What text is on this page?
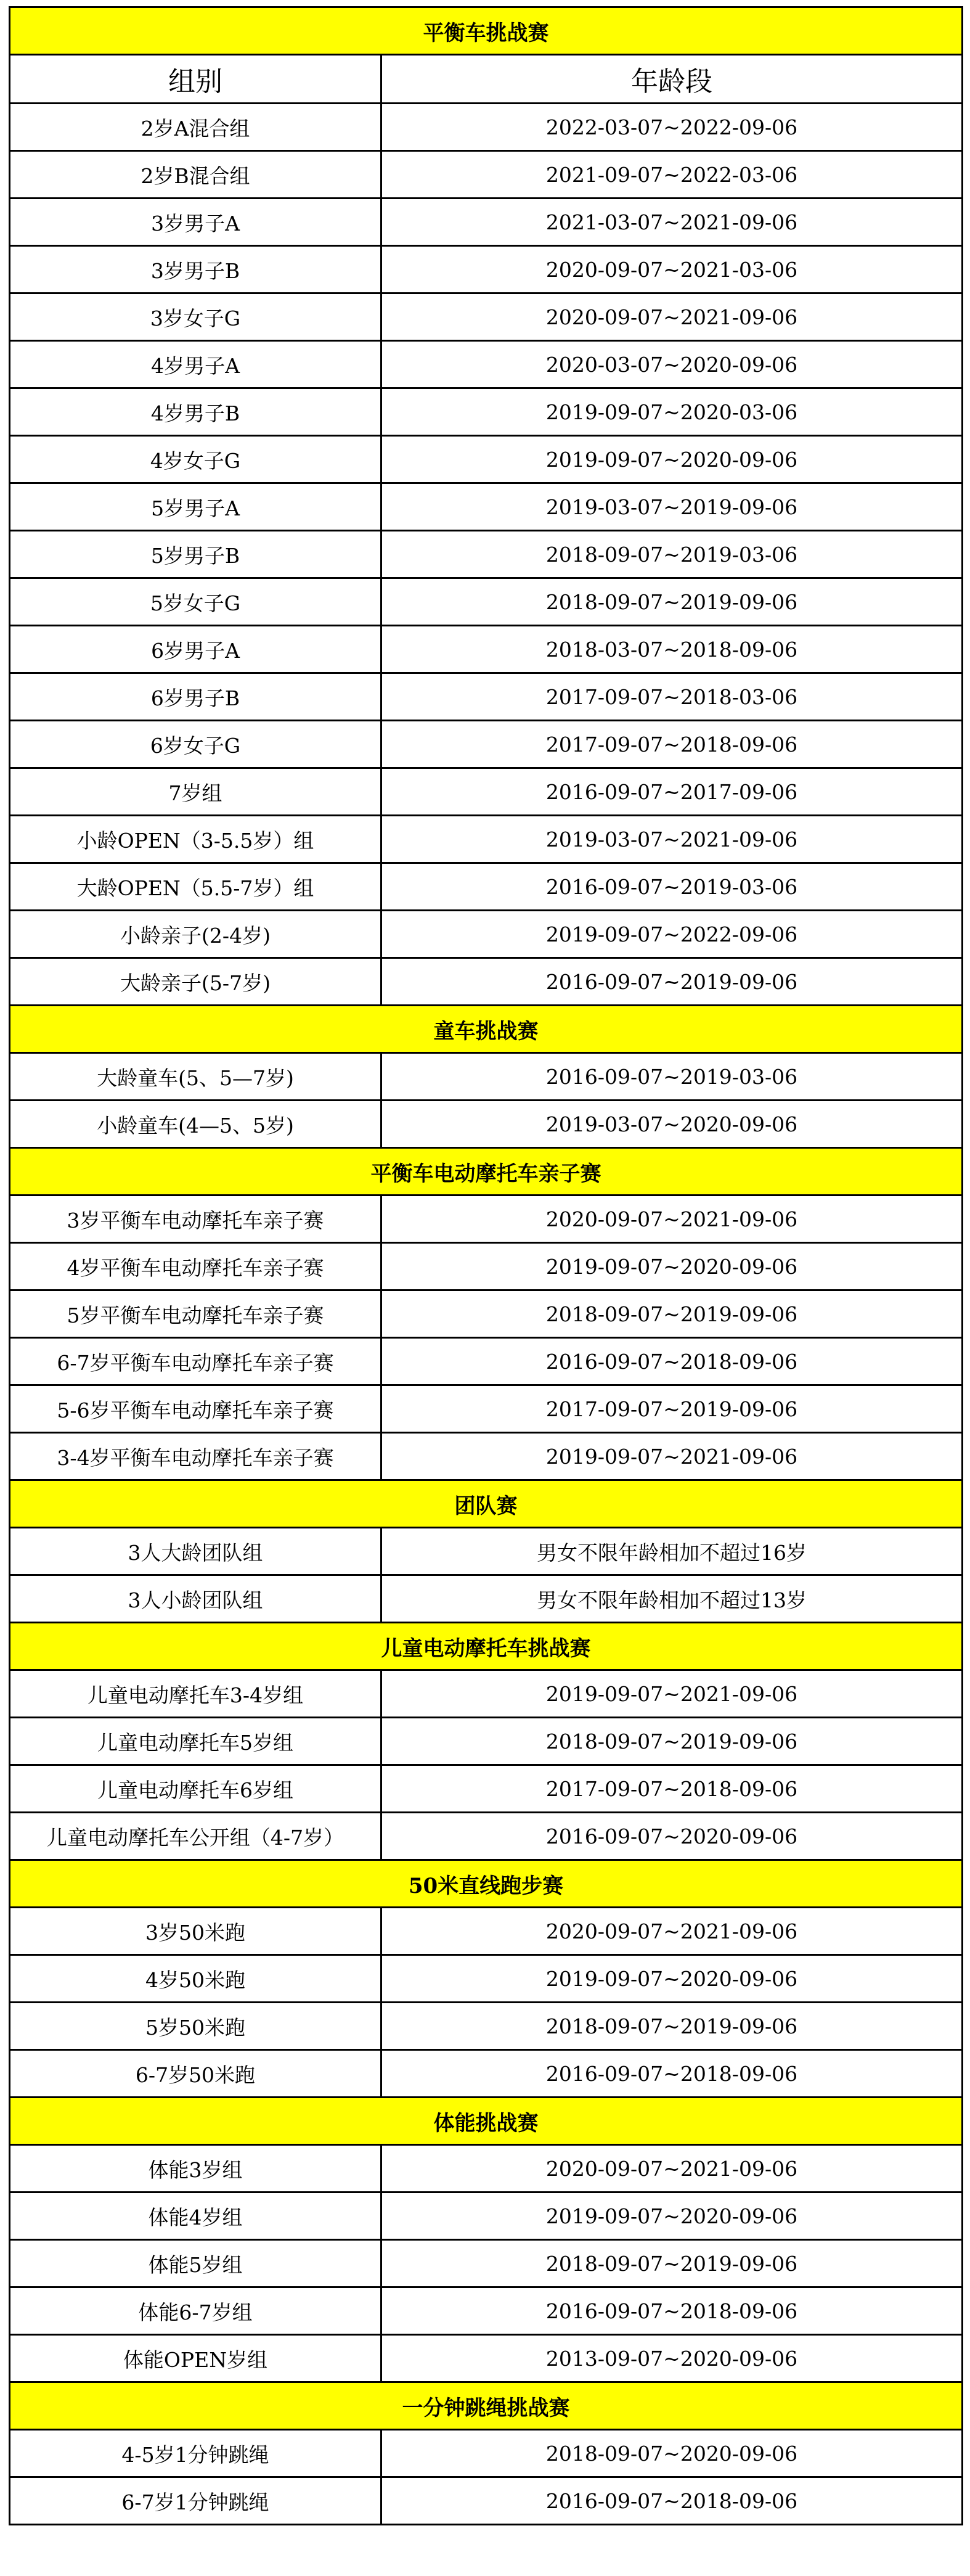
平衡车挑战赛	
组别	年龄段
2岁A混合组	2022-03-07~2022-09-06
2岁B混合组	2021-09-07~2022-03-06
3岁男子A	2021-03-07~2021-09-06
3岁男子B	2020-09-07~2021-03-06
3岁女子G	2020-09-07~2021-09-06
4岁男子A	2020-03-07~2020-09-06
4岁男子B	2019-09-07~2020-03-06
4岁女子G	2019-09-07~2020-09-06
5岁男子A	2019-03-07~2019-09-06
5岁男子B	2018-09-07~2019-03-06
5岁女子G	2018-09-07~2019-09-06
6岁男子A	2018-03-07~2018-09-06
6岁男子B	2017-09-07~2018-03-06
6岁女子G	2017-09-07~2018-09-06
7岁组	2016-09-07~2017-09-06
小龄OPEN（3-5.5岁）组	2019-03-07~2021-09-06
大龄OPEN（5.5-7岁）组	2016-09-07~2019-03-06
小龄亲子(2-4岁)	2019-09-07~2022-09-06
大龄亲子(5-7岁)	2016-09-07~2019-09-06
童车挑战赛	
大龄童车(5、5—7岁)	2016-09-07~2019-03-06
小龄童车(4—5、5岁)	2019-03-07~2020-09-06
平衡车电动摩托车亲子赛	
3岁平衡车电动摩托车亲子赛	2020-09-07~2021-09-06
4岁平衡车电动摩托车亲子赛	2019-09-07~2020-09-06
5岁平衡车电动摩托车亲子赛	2018-09-07~2019-09-06
6-7岁平衡车电动摩托车亲子赛	2016-09-07~2018-09-06
5-6岁平衡车电动摩托车亲子赛	2017-09-07~2019-09-06
3-4岁平衡车电动摩托车亲子赛	2019-09-07~2021-09-06
团队赛	
3人大龄团队组	男女不限年龄相加不超过16岁
3人小龄团队组	男女不限年龄相加不超过13岁
儿童电动摩托车挑战赛	
儿童电动摩托车3-4岁组	2019-09-07~2021-09-06
儿童电动摩托车5岁组	2018-09-07~2019-09-06
儿童电动摩托车6岁组	2017-09-07~2018-09-06
儿童电动摩托车公开组（4-7岁）	2016-09-07~2020-09-06
50米直线跑步赛	
3岁50米跑	2020-09-07~2021-09-06
4岁50米跑	2019-09-07~2020-09-06
5岁50米跑	2018-09-07~2019-09-06
6-7岁50米跑	2016-09-07~2018-09-06
体能挑战赛	
体能3岁组	2020-09-07~2021-09-06
体能4岁组	2019-09-07~2020-09-06
体能5岁组	2018-09-07~2019-09-06
体能6-7岁组	2016-09-07~2018-09-06
体能OPEN岁组	2013-09-07~2020-09-06
一分钟跳绳挑战赛	
4-5岁1分钟跳绳	2018-09-07~2020-09-06
6-7岁1分钟跳绳	2016-09-07~2018-09-06
